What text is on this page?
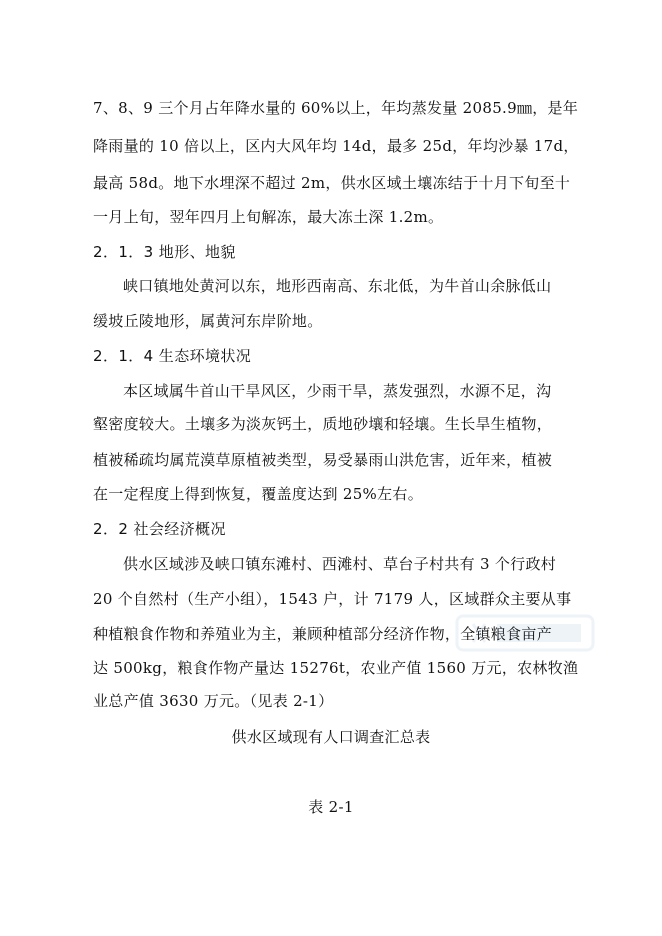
7、8、9 三个月占年降水量的 60%以上，年均蒸发量 2085.9㎜，是年
降雨量的 10 倍以上，区内大风年均 14d，最多 25d，年均沙暴 17d，
最高 58d。地下水埋深不超过 2m，供水区域土壤冻结于十月下旬至十
一月上旬，翌年四月上旬解冻，最大冻土深 1.2m。
2．1．3 地形、地貌
峡口镇地处黄河以东，地形西南高、东北低，为牛首山余脉低山
缓坡丘陵地形，属黄河东岸阶地。
2．1．4 生态环境状况
本区域属牛首山干旱风区，少雨干旱，蒸发强烈，水源不足，沟
壑密度较大。土壤多为淡灰钙土，质地砂壤和轻壤。生长旱生植物，
植被稀疏均属荒漠草原植被类型，易受暴雨山洪危害，近年来，植被
在一定程度上得到恢复，覆盖度达到 25%左右。
2．2 社会经济概况
供水区域涉及峡口镇东滩村、西滩村、草台子村共有 3 个行政村
20 个自然村（生产小组），1543 户，计 7179 人，区域群众主要从事
种植粮食作物和养殖业为主，兼顾种植部分经济作物，全镇粮食亩产
达 500kg，粮食作物产量达 15276t，农业产值 1560 万元，农林牧渔
业总产值 3630 万元。（见表 2-1）
供水区域现有人口调查汇总表
表 2-1
